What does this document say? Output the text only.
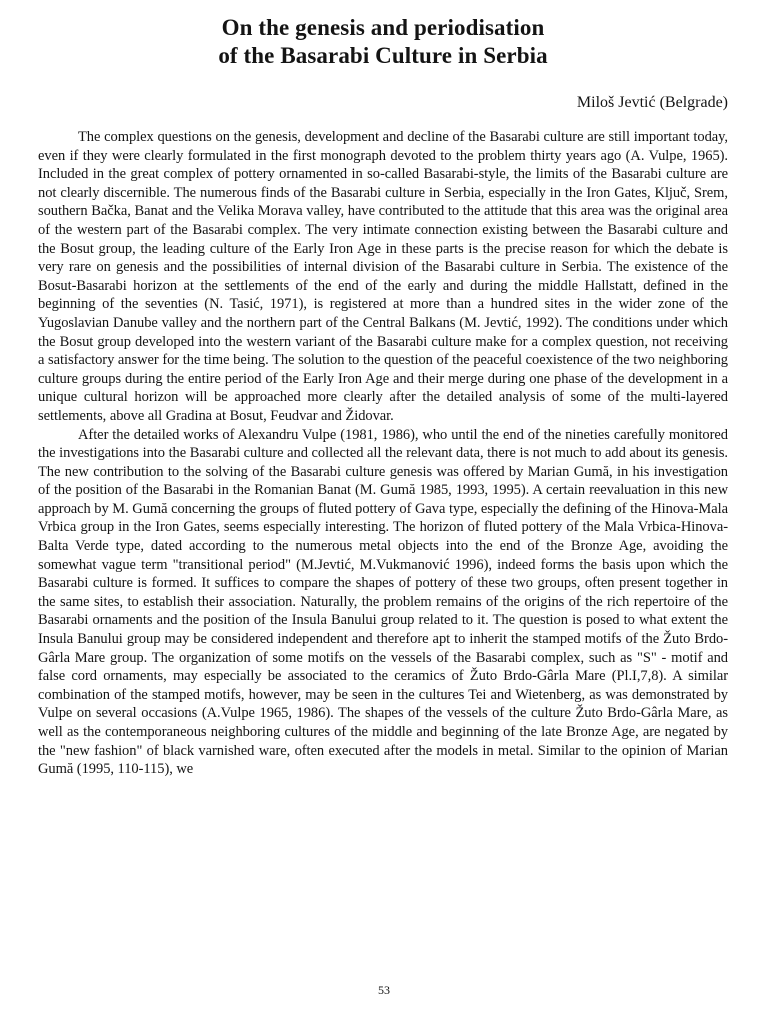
On the genesis and periodisation
of the Basarabi Culture in Serbia

Miloš Jevtić (Belgrade)

The complex questions on the genesis, development and decline of the Basarabi culture are still important today, even if they were clearly formulated in the first monograph devoted to the problem thirty years ago (A. Vulpe, 1965). Included in the great complex of pottery ornamented in so-called Basarabi-style, the limits of the Basarabi culture are not clearly discernible. The numerous finds of the Basarabi culture in Serbia, especially in the Iron Gates, Ključ, Srem, southern Bačka, Banat and the Velika Morava valley, have contributed to the attitude that this area was the original area of the western part of the Basarabi complex. The very intimate connection existing between the Basarabi culture and the Bosut group, the leading culture of the Early Iron Age in these parts is the precise reason for which the debate is very rare on genesis and the possibilities of internal division of the Basarabi culture in Serbia. The existence of the Bosut-Basarabi horizon at the settlements of the end of the early and during the middle Hallstatt, defined in the beginning of the seventies (N. Tasić, 1971), is registered at more than a hundred sites in the wider zone of the Yugoslavian Danube valley and the northern part of the Central Balkans (M. Jevtić, 1992). The conditions under which the Bosut group developed into the western variant of the Basarabi culture make for a complex question, not receiving a satisfactory answer for the time being. The solution to the question of the peaceful coexistence of the two neighboring culture groups during the entire period of the Early Iron Age and their merge during one phase of the development in a unique cultural horizon will be approached more clearly after the detailed analysis of some of the multi-layered settlements, above all Gradina at Bosut, Feudvar and Židovar.

After the detailed works of Alexandru Vulpe (1981, 1986), who until the end of the nineties carefully monitored the investigations into the Basarabi culture and collected all the relevant data, there is not much to add about its genesis. The new contribution to the solving of the Basarabi culture genesis was offered by Marian Gumă, in his investigation of the position of the Basarabi in the Romanian Banat (M. Gumă 1985, 1993, 1995). A certain reevaluation in this new approach by M. Gumă concerning the groups of fluted pottery of Gava type, especially the defining of the Hinova-Mala Vrbica group in the Iron Gates, seems especially interesting. The horizon of fluted pottery of the Mala Vrbica-Hinova-Balta Verde type, dated according to the numerous metal objects into the end of the Bronze Age, avoiding the somewhat vague term "transitional period" (M.Jevtić, M.Vukmanović 1996), indeed forms the basis upon which the Basarabi culture is formed. It suffices to compare the shapes of pottery of these two groups, often present together in the same sites, to establish their association. Naturally, the problem remains of the origins of the rich repertoire of the Basarabi ornaments and the position of the Insula Banului group related to it. The question is posed to what extent the Insula Banului group may be considered independent and therefore apt to inherit the stamped motifs of the Žuto Brdo-Gârla Mare group. The organization of some motifs on the vessels of the Basarabi complex, such as "S" - motif and false cord ornaments, may especially be associated to the ceramics of Žuto Brdo-Gârla Mare (Pl.I,7,8). A similar combination of the stamped motifs, however, may be seen in the cultures Tei and Wietenberg, as was demonstrated by Vulpe on several occasions (A.Vulpe 1965, 1986). The shapes of the vessels of the culture Žuto Brdo-Gârla Mare, as well as the contemporaneous neighboring cultures of the middle and beginning of the late Bronze Age, are negated by the "new fashion" of black varnished ware, often executed after the models in metal. Similar to the opinion of Marian Gumă (1995, 110-115), we

53
